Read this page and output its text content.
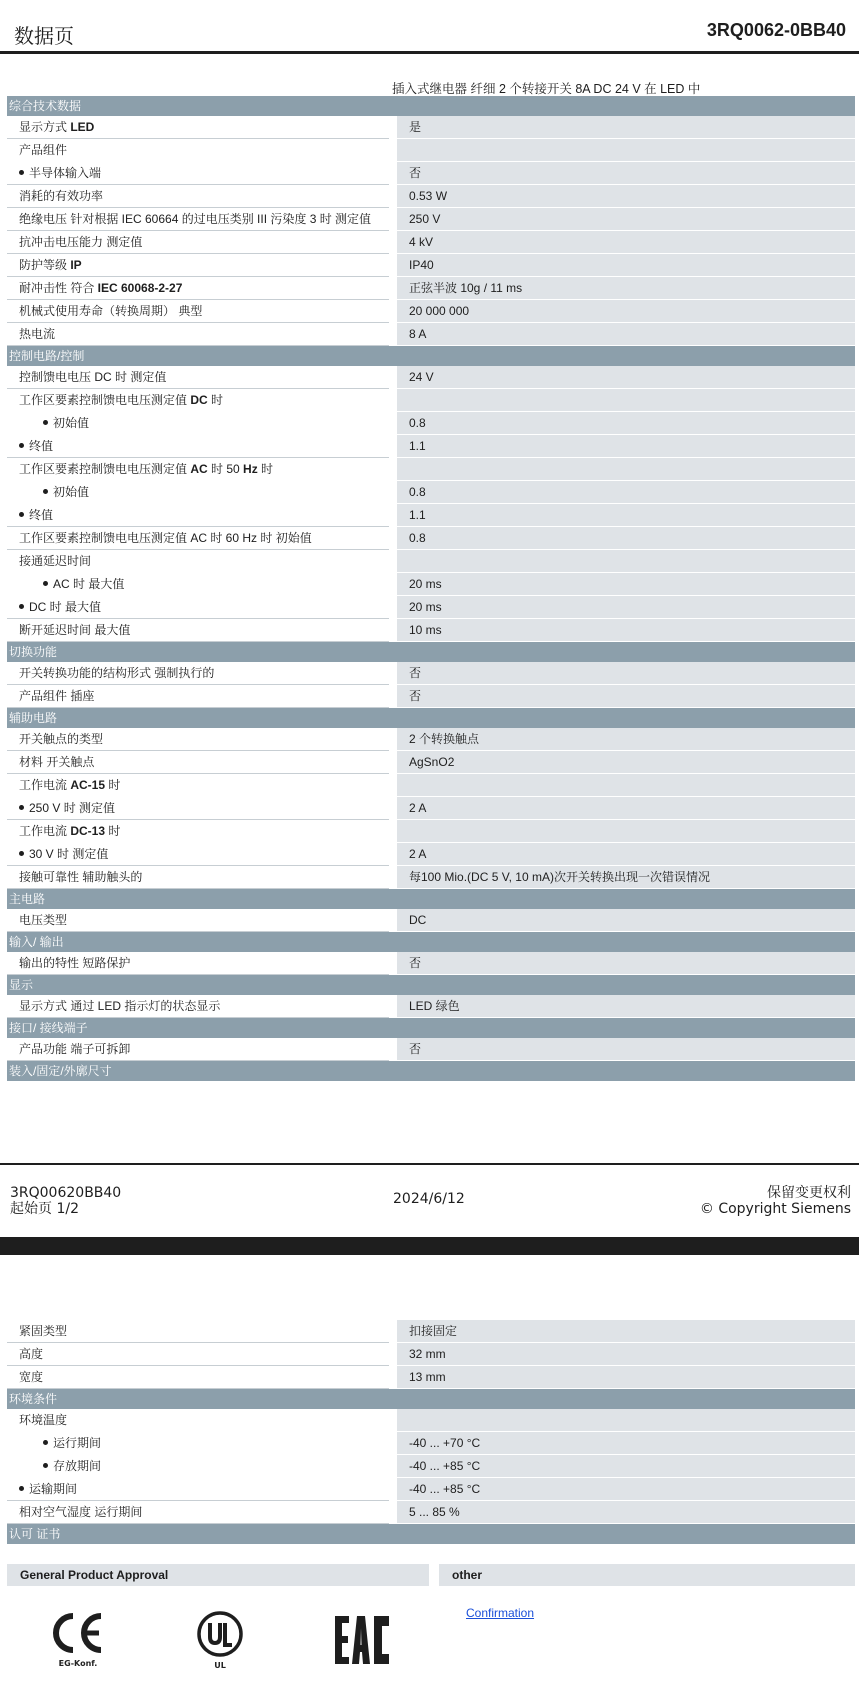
数据页	3RQ0062-0BB40
插入式继电器 纤细 2 个转接开关 8A DC 24 V 在 LED 中
综合技术数据
显示方式 LED	是
产品组件
半导体输入端	否
消耗的有效功率	0.53 W
绝缘电压 针对根据 IEC 60664 的过电压类别 III 污染度 3 时 测定值	250 V
抗冲击电压能力 测定值	4 kV
防护等级 IP	IP40
耐冲击性 符合 IEC 60068-2-27	正弦半波 10g / 11 ms
机械式使用寿命（转换周期） 典型	20 000 000
热电流	8 A
控制电路/控制
控制馈电电压 DC 时 测定值	24 V
工作区要素控制馈电电压测定值 DC 时
初始值	0.8
终值	1.1
工作区要素控制馈电电压测定值 AC 时 50 Hz 时
初始值	0.8
终值	1.1
工作区要素控制馈电电压测定值 AC 时 60 Hz 时 初始值	0.8
接通延迟时间
AC 时 最大值	20 ms
DC 时 最大值	20 ms
断开延迟时间 最大值	10 ms
切换功能
开关转换功能的结构形式 强制执行的	否
产品组件 插座	否
辅助电路
开关触点的类型	2 个转换触点
材料 开关触点	AgSnO2
工作电流 AC-15 时
250 V 时 测定值	2 A
工作电流 DC-13 时
30 V 时 测定值	2 A
接触可靠性 辅助触头的	每100 Mio.(DC 5 V, 10 mA)次开关转换出现一次错误情况
主电路
电压类型	DC
输入/ 输出
输出的特性 短路保护	否
显示
显示方式 通过 LED 指示灯的状态显示	LED 绿色
接口/ 接线端子
产品功能 端子可拆卸	否
装入/固定/外廓尺寸
3RQ00620BB40
起始页 1/2
2024/6/12	保留变更权利
© Copyright Siemens
紧固类型	扣接固定
高度	32 mm
宽度	13 mm
环境条件
环境温度
运行期间	-40 ... +70 °C
存放期间	-40 ... +85 °C
运输期间	-40 ... +85 °C
相对空气湿度 运行期间	5 ... 85 %
认可 证书
General Product Approval	other
EG-Konf.	UL
Confirmation
